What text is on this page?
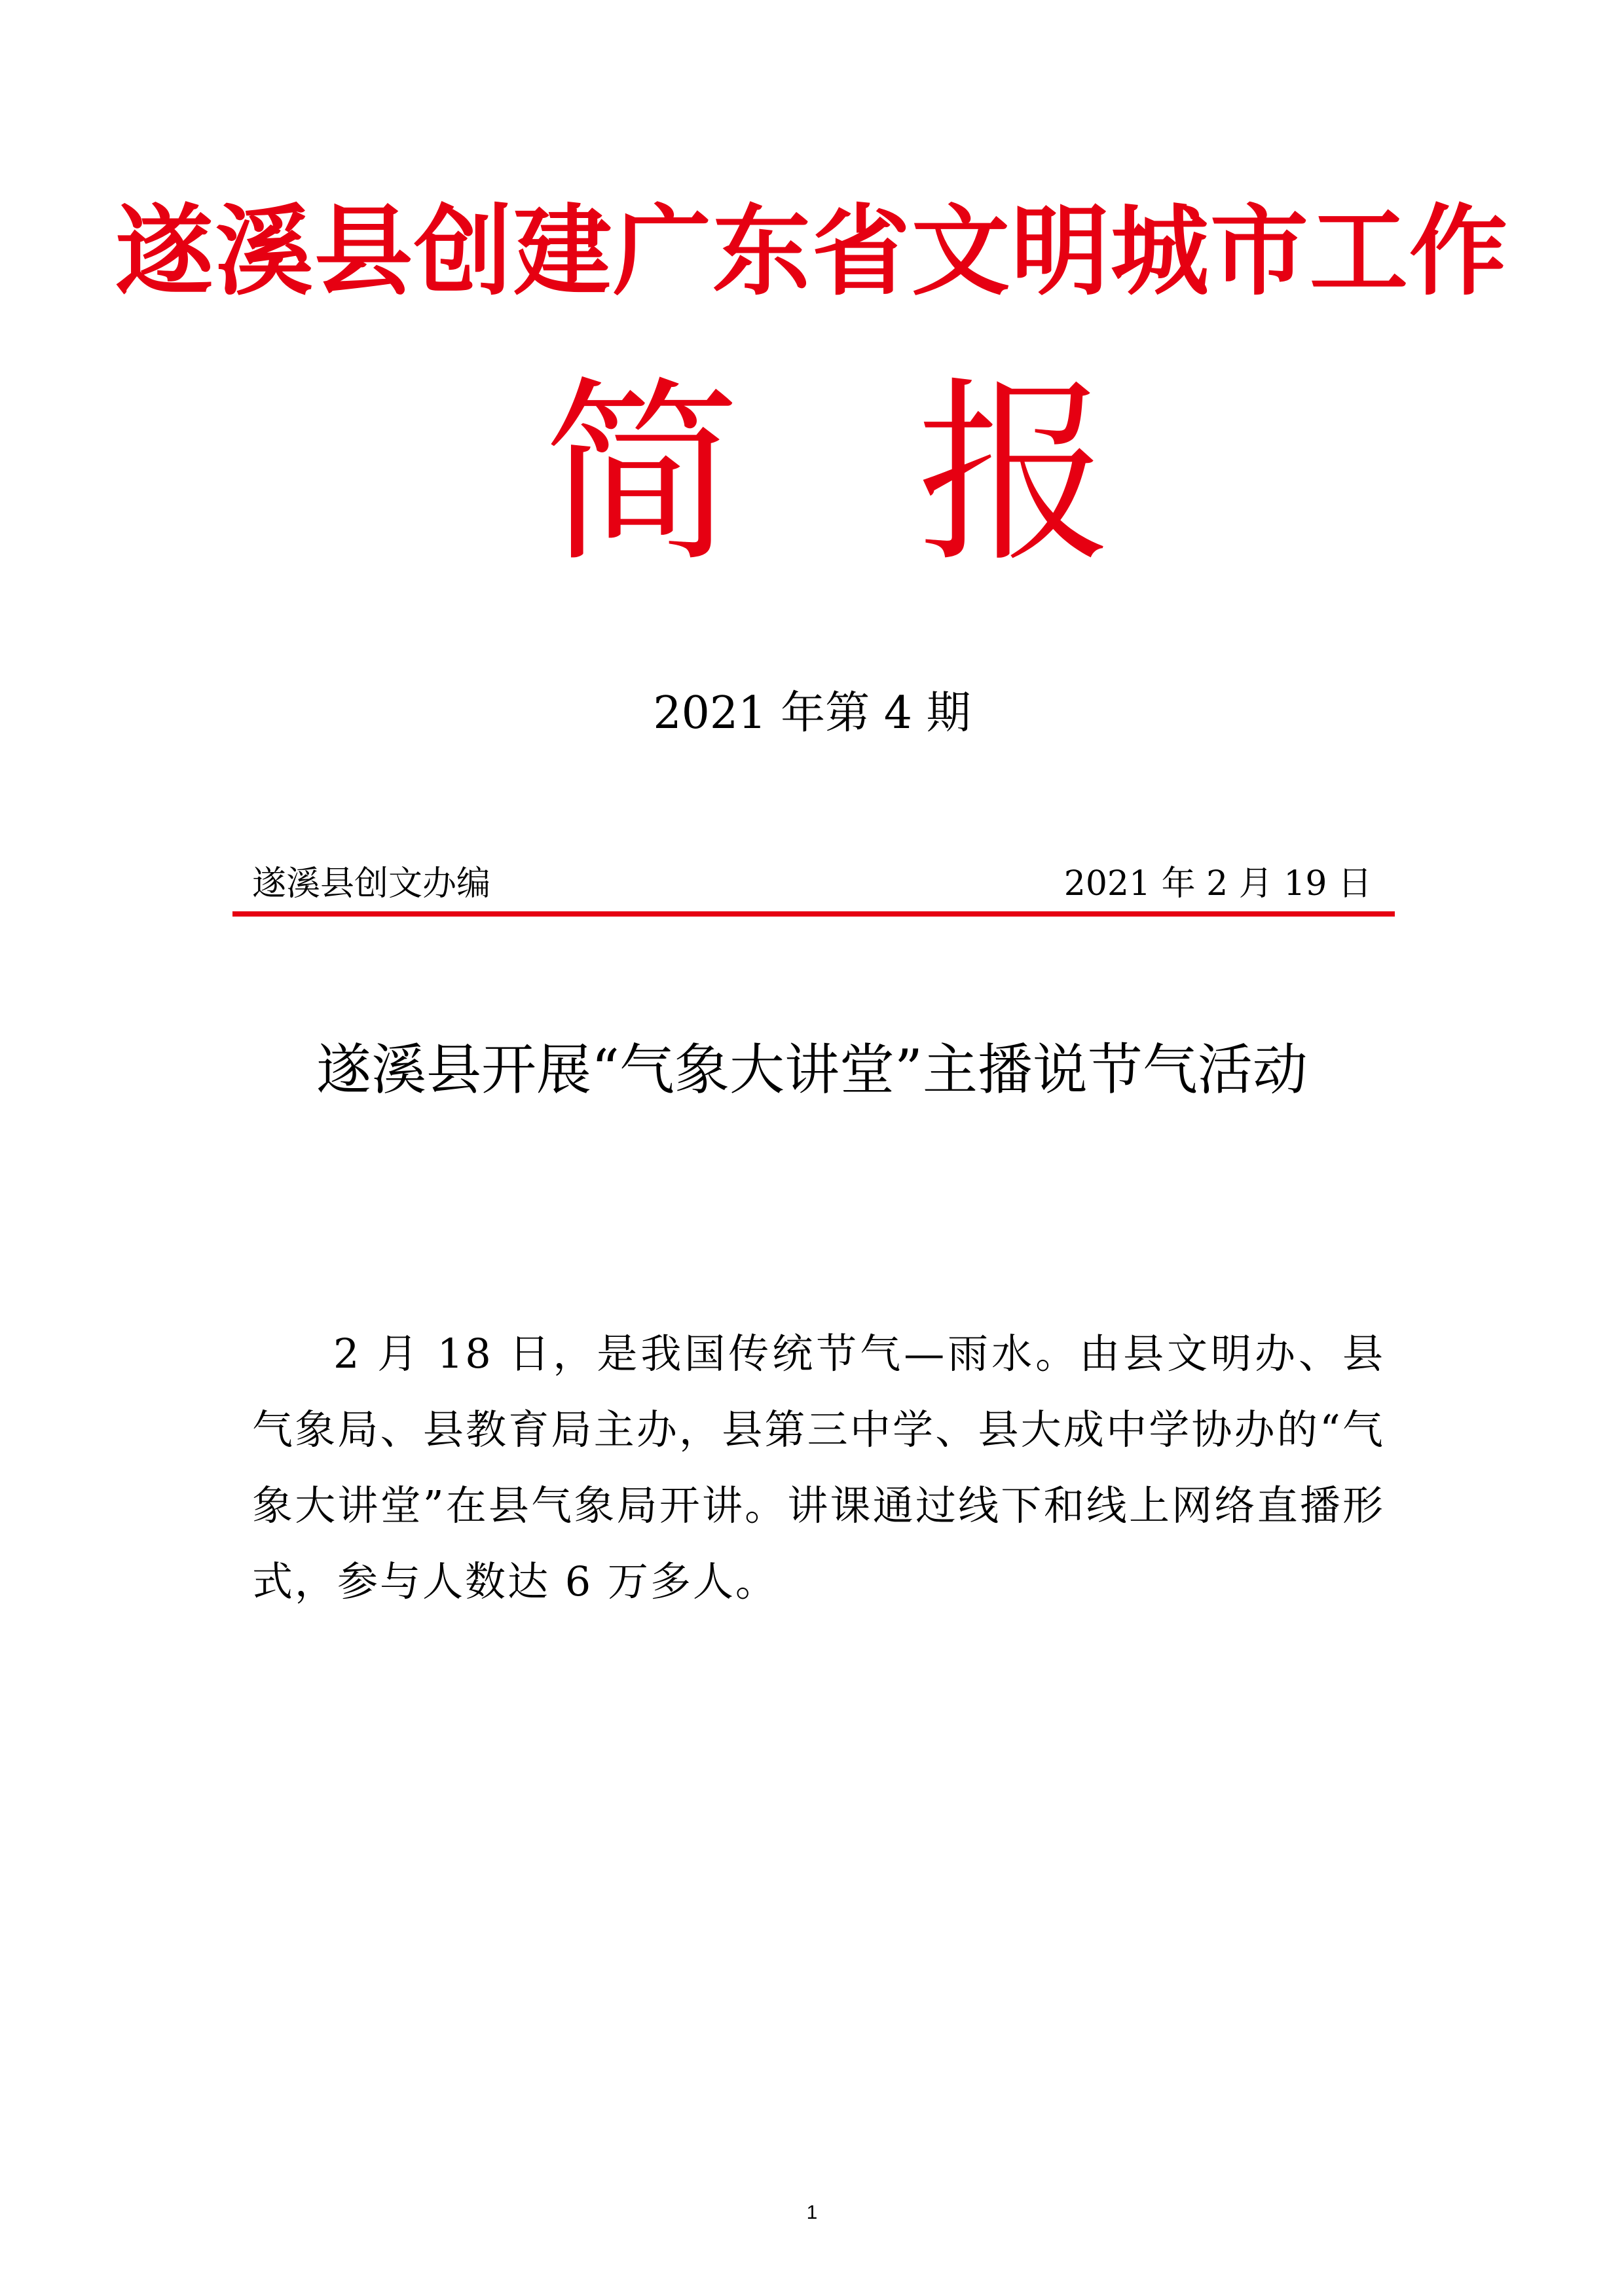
遂溪县创建广东省文明城市工作
简 报
2021 年第 4 期
遂溪县创文办编	2021 年 2 月 19 日
遂溪县开展“气象大讲堂”主播说节气活动
2 月 18 日，是我国传统节气—雨水。由县文明办、县气象局、县教育局主办，县第三中学、县大成中学协办的“气象大讲堂”在县气象局开讲。讲课通过线下和线上网络直播形式，参与人数达 6 万多人。
1
